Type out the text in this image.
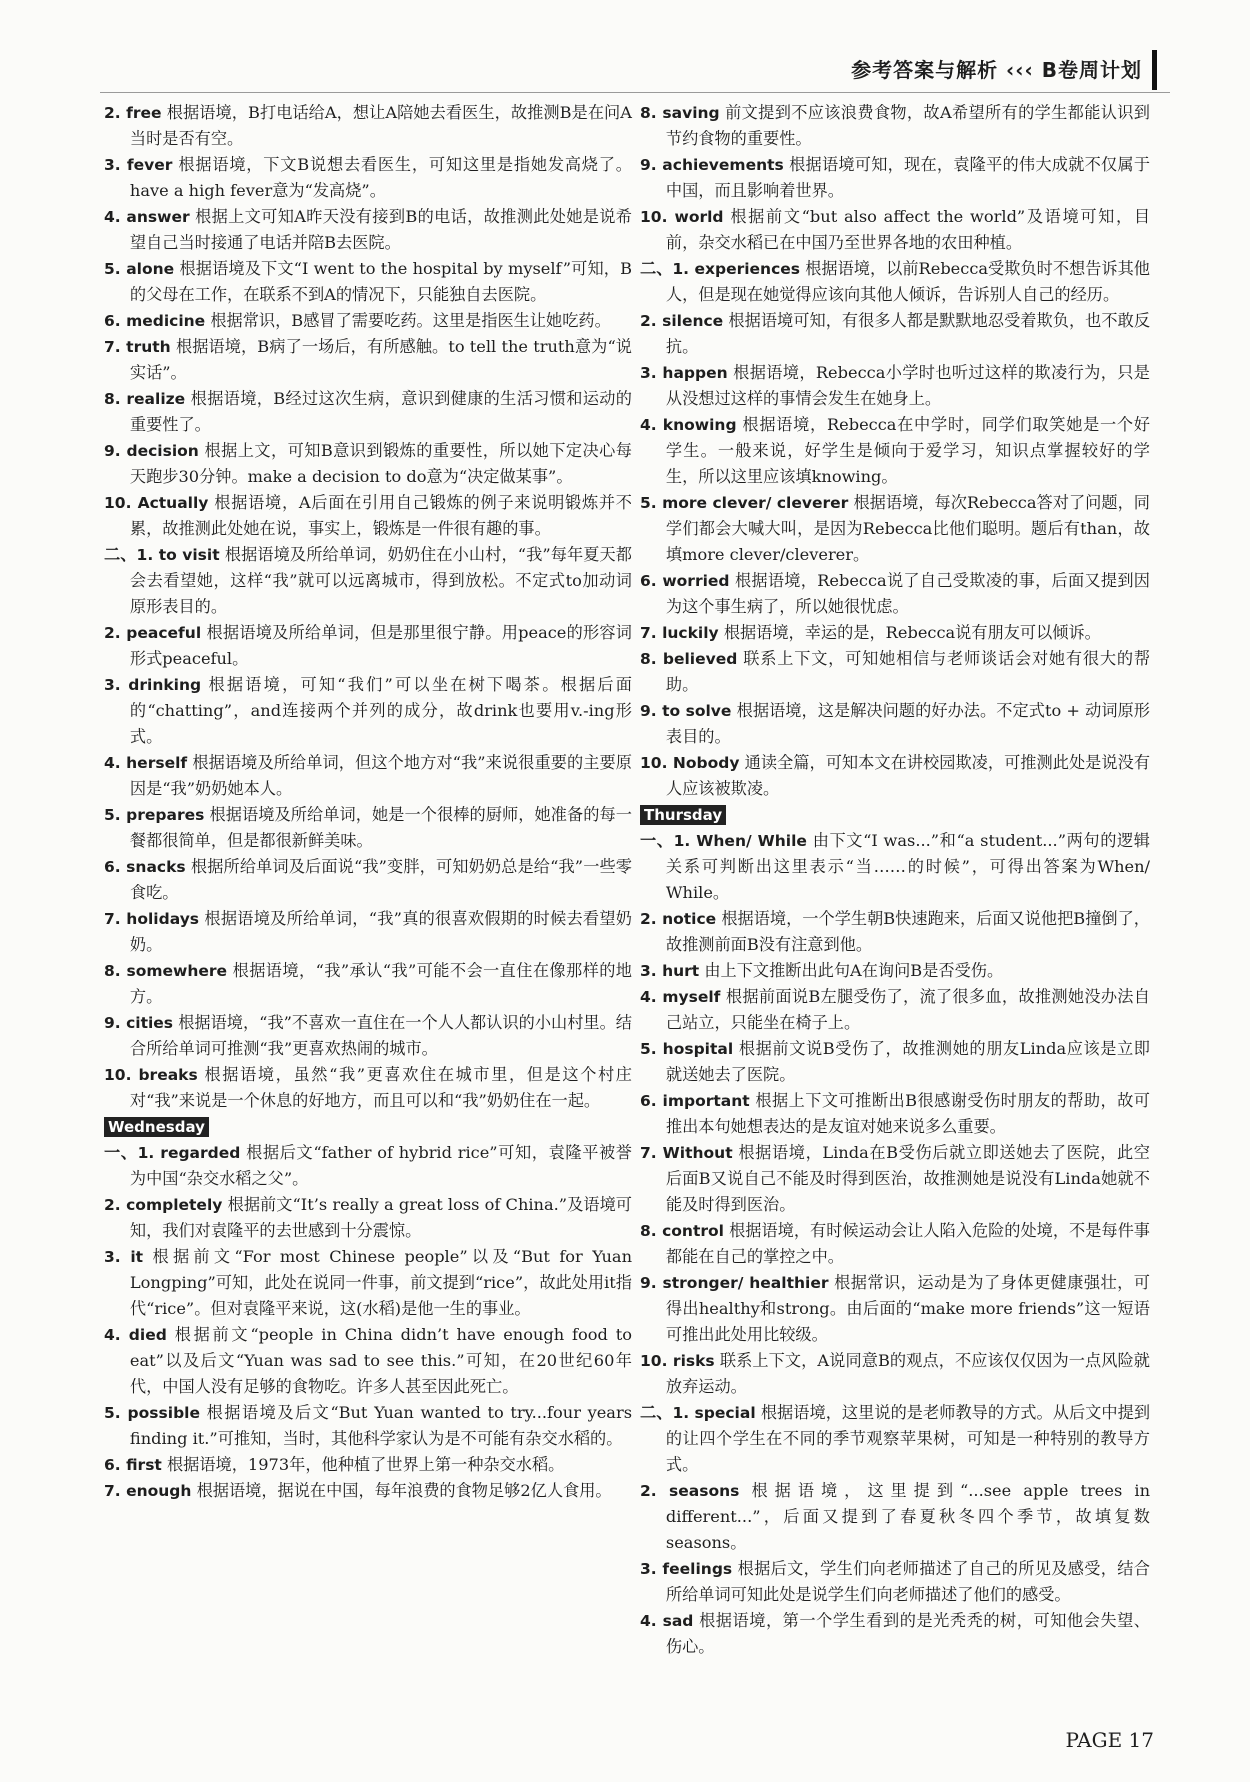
参考答案与解析 ‹‹‹ B卷周计划
2. free 根据语境，B打电话给A，想让A陪她去看医生，故推测B是在问A当时是否有空。
3. fever 根据语境，下文B说想去看医生，可知这里是指她发高烧了。have a high fever意为“发高烧”。
4. answer 根据上文可知A昨天没有接到B的电话，故推测此处她是说希望自己当时接通了电话并陪B去医院。
5. alone 根据语境及下文“I went to the hospital by myself”可知，B的父母在工作，在联系不到A的情况下，只能独自去医院。
6. medicine 根据常识，B感冒了需要吃药。这里是指医生让她吃药。
7. truth 根据语境，B病了一场后，有所感触。to tell the truth意为“说实话”。
8. realize 根据语境，B经过这次生病，意识到健康的生活习惯和运动的重要性了。
9. decision 根据上文，可知B意识到锻炼的重要性，所以她下定决心每天跑步30分钟。make a decision to do意为“决定做某事”。
10. Actually 根据语境，A后面在引用自己锻炼的例子来说明锻炼并不累，故推测此处她在说，事实上，锻炼是一件很有趣的事。
二、1. to visit 根据语境及所给单词，奶奶住在小山村，“我”每年夏天都会去看望她，这样“我”就可以远离城市，得到放松。不定式to加动词原形表目的。
2. peaceful 根据语境及所给单词，但是那里很宁静。用peace的形容词形式peaceful。
3. drinking 根据语境，可知“我们”可以坐在树下喝茶。根据后面的“chatting”，and连接两个并列的成分，故drink也要用v.-ing形式。
4. herself 根据语境及所给单词，但这个地方对“我”来说很重要的主要原因是“我”奶奶她本人。
5. prepares 根据语境及所给单词，她是一个很棒的厨师，她准备的每一餐都很简单，但是都很新鲜美味。
6. snacks 根据所给单词及后面说“我”变胖，可知奶奶总是给“我”一些零食吃。
7. holidays 根据语境及所给单词，“我”真的很喜欢假期的时候去看望奶奶。
8. somewhere 根据语境，“我”承认“我”可能不会一直住在像那样的地方。
9. cities 根据语境，“我”不喜欢一直住在一个人人都认识的小山村里。结合所给单词可推测“我”更喜欢热闹的城市。
10. breaks 根据语境，虽然“我”更喜欢住在城市里，但是这个村庄对“我”来说是一个休息的好地方，而且可以和“我”奶奶住在一起。
Wednesday
一、1. regarded 根据后文“father of hybrid rice”可知，袁隆平被誉为中国“杂交水稻之父”。
2. completely 根据前文“It’s really a great loss of China.”及语境可知，我们对袁隆平的去世感到十分震惊。
3. it 根据前文“For most Chinese people”以及“But for Yuan Longping”可知，此处在说同一件事，前文提到“rice”，故此处用it指代“rice”。但对袁隆平来说，这(水稻)是他一生的事业。
4. died 根据前文“people in China didn’t have enough food to eat”以及后文“Yuan was sad to see this.”可知，在20世纪60年代，中国人没有足够的食物吃。许多人甚至因此死亡。
5. possible 根据语境及后文“But Yuan wanted to try...four years finding it.”可推知，当时，其他科学家认为是不可能有杂交水稻的。
6. first 根据语境，1973年，他种植了世界上第一种杂交水稻。
7. enough 根据语境，据说在中国，每年浪费的食物足够2亿人食用。
8. saving 前文提到不应该浪费食物，故A希望所有的学生都能认识到节约食物的重要性。
9. achievements 根据语境可知，现在，袁隆平的伟大成就不仅属于中国，而且影响着世界。
10. world 根据前文“but also affect the world”及语境可知，目前，杂交水稻已在中国乃至世界各地的农田种植。
二、1. experiences 根据语境，以前Rebecca受欺负时不想告诉其他人，但是现在她觉得应该向其他人倾诉，告诉别人自己的经历。
2. silence 根据语境可知，有很多人都是默默地忍受着欺负，也不敢反抗。
3. happen 根据语境，Rebecca小学时也听过这样的欺凌行为，只是从没想过这样的事情会发生在她身上。
4. knowing 根据语境，Rebecca在中学时，同学们取笑她是一个好学生。一般来说，好学生是倾向于爱学习，知识点掌握较好的学生，所以这里应该填knowing。
5. more clever/ cleverer 根据语境，每次Rebecca答对了问题，同学们都会大喊大叫，是因为Rebecca比他们聪明。题后有than，故填more clever/cleverer。
6. worried 根据语境，Rebecca说了自己受欺凌的事，后面又提到因为这个事生病了，所以她很忧虑。
7. luckily 根据语境，幸运的是，Rebecca说有朋友可以倾诉。
8. believed 联系上下文，可知她相信与老师谈话会对她有很大的帮助。
9. to solve 根据语境，这是解决问题的好办法。不定式to + 动词原形表目的。
10. Nobody 通读全篇，可知本文在讲校园欺凌，可推测此处是说没有人应该被欺凌。
Thursday
一、1. When/ While 由下文“I was...”和“a student...”两句的逻辑关系可判断出这里表示“当……的时候”，可得出答案为When/ While。
2. notice 根据语境，一个学生朝B快速跑来，后面又说他把B撞倒了，故推测前面B没有注意到他。
3. hurt 由上下文推断出此句A在询问B是否受伤。
4. myself 根据前面说B左腿受伤了，流了很多血，故推测她没办法自己站立，只能坐在椅子上。
5. hospital 根据前文说B受伤了，故推测她的朋友Linda应该是立即就送她去了医院。
6. important 根据上下文可推断出B很感谢受伤时朋友的帮助，故可推出本句她想表达的是友谊对她来说多么重要。
7. Without 根据语境，Linda在B受伤后就立即送她去了医院，此空后面B又说自己不能及时得到医治，故推测她是说没有Linda她就不能及时得到医治。
8. control 根据语境，有时候运动会让人陷入危险的处境，不是每件事都能在自己的掌控之中。
9. stronger/ healthier 根据常识，运动是为了身体更健康强壮，可得出healthy和strong。由后面的“make more friends”这一短语可推出此处用比较级。
10. risks 联系上下文，A说同意B的观点，不应该仅仅因为一点风险就放弃运动。
二、1. special 根据语境，这里说的是老师教导的方式。从后文中提到的让四个学生在不同的季节观察苹果树，可知是一种特别的教导方式。
2. seasons 根据语境，这里提到“...see apple trees in different...”，后面又提到了春夏秋冬四个季节，故填复数seasons。
3. feelings 根据后文，学生们向老师描述了自己的所见及感受，结合所给单词可知此处是说学生们向老师描述了他们的感受。
4. sad 根据语境，第一个学生看到的是光秃秃的树，可知他会失望、伤心。
PAGE 17
